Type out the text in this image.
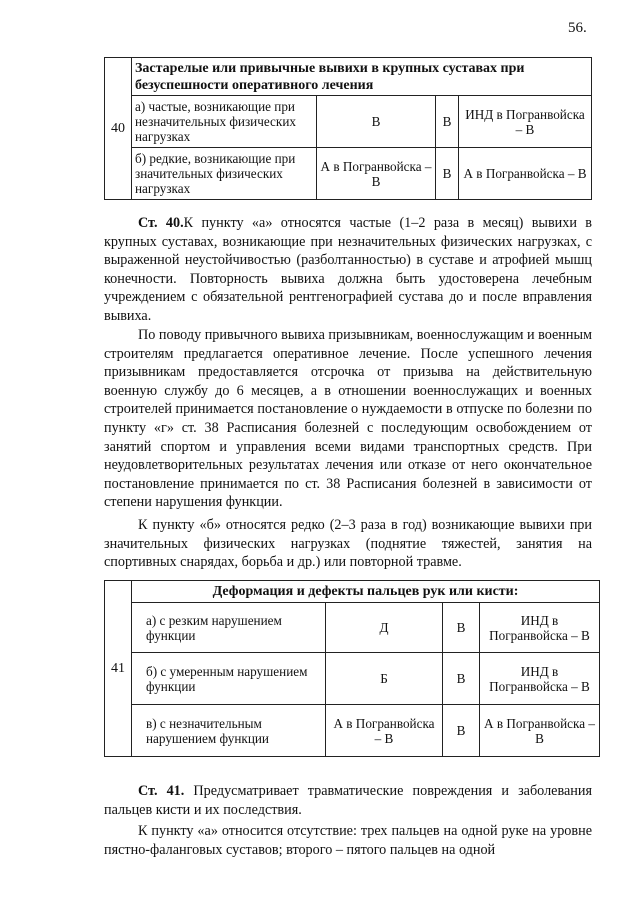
56.
40	Застарелые или привычные вывихи в крупных суставах при безуспешности оперативного лечения			
	а) частые, возникающие при незначительных физических нагрузках	В	В	ИНД в Погранвойска – В
	б) редкие, возникающие при значительных физических нагрузках	А в Погранвойска – В	В	А в Погранвойска – В

Ст. 40.К пункту «а» относятся частые (1–2 раза в месяц) вывихи в крупных суставах, возникающие при незначительных физических нагрузках, с выраженной неустойчивостью (разболтанностью) в суставе и атрофией мышц конечности. Повторность вывиха должна быть удостоверена лечебным учреждением с обязательной рентгенографией сустава до и после вправления вывиха.

По поводу привычного вывиха призывникам, военнослужащим и военным строителям предлагается оперативное лечение. После успешного лечения призывникам предоставляется отсрочка от призыва на действительную военную службу до 6 месяцев, а в отношении военнослужащих и военных строителей принимается постановление о нуждаемости в отпуске по болезни по пункту «г» ст. 38 Расписания болезней с последующим освобождением от занятий спортом и управления всеми видами транспортных средств. При неудовлетворительных результатах лечения или отказе от него окончательное постановление принимается по ст. 38 Расписания болезней в зависимости от степени нарушения функции.

К пункту «б» относятся редко (2–3 раза в год) возникающие вывихи при значительных физических нагрузках (поднятие тяжестей, занятия на спортивных снарядах, борьба и др.) или повторной травме.

41	Деформация и дефекты пальцев рук или кисти:			
	а) с резким нарушением функции	Д	В	ИНД в Погранвойска – В
	б) с умеренным нарушением функции	Б	В	ИНД в Погранвойска – В
	в) с незначительным нарушением функции	А в Погранвойска – В	В	А в Погранвойска – В

Ст. 41. Предусматривает травматические повреждения и заболевания пальцев кисти и их последствия.

К пункту «а» относится отсутствие: трех пальцев на одной руке на уровне пястно-фаланговых суставов; второго – пятого пальцев на одной
